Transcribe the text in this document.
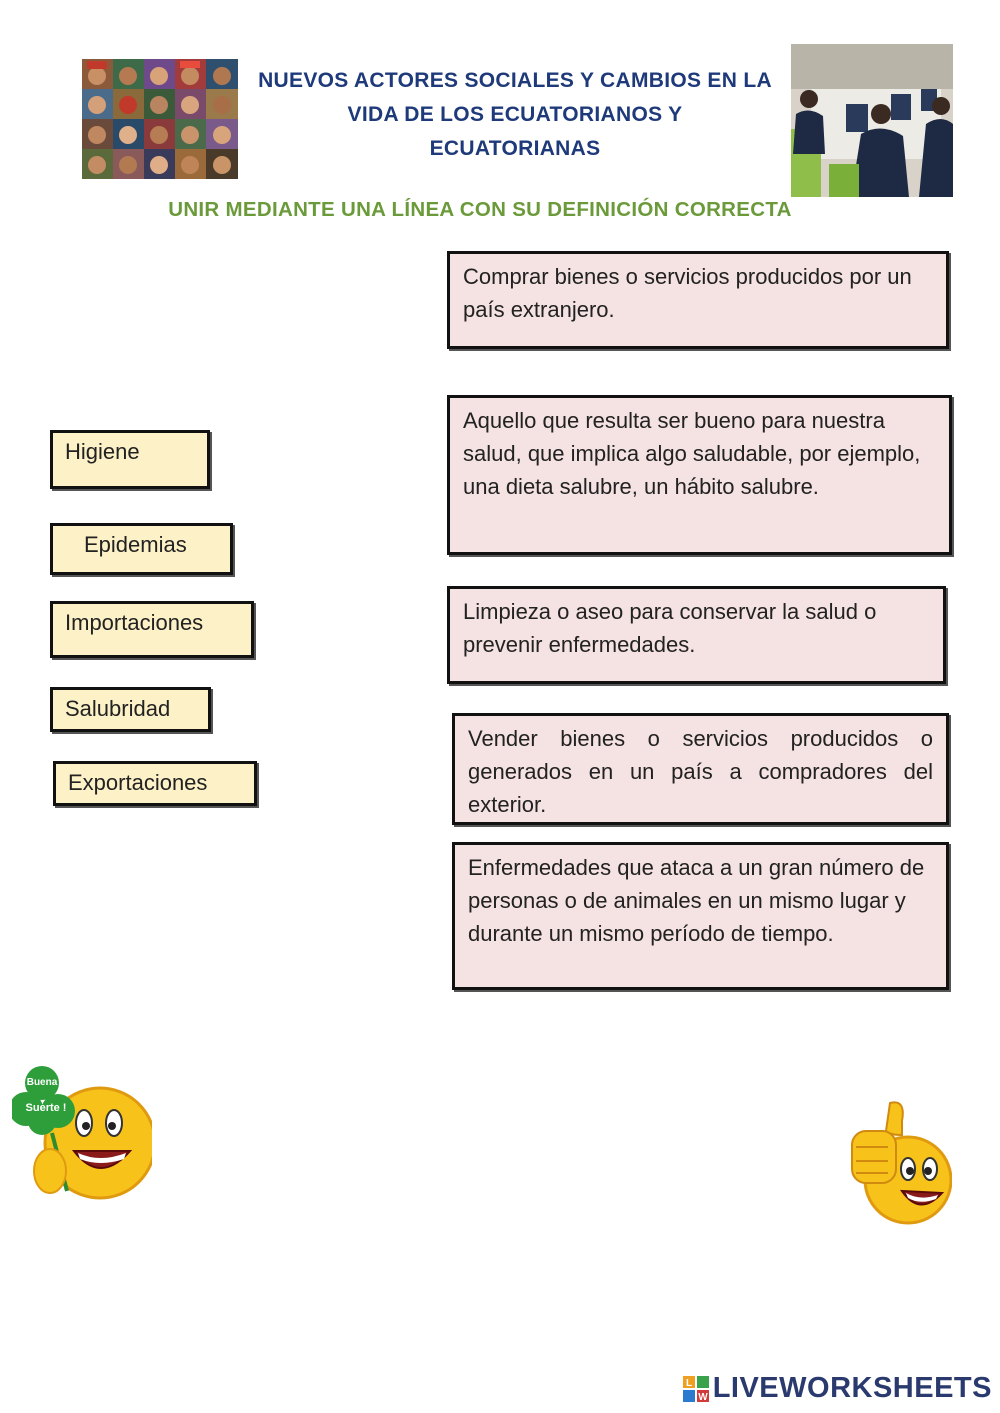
NUEVOS ACTORES SOCIALES Y CAMBIOS EN LA
VIDA DE LOS ECUATORIANOS Y
ECUATORIANAS
UNIR MEDIANTE UNA LÍNEA CON SU DEFINICIÓN CORRECTA
Higiene
Epidemias
Importaciones
Salubridad
Exportaciones
Comprar bienes o servicios producidos por un país extranjero.
Aquello que resulta ser bueno para nuestra salud, que implica algo saludable, por ejemplo, una dieta salubre, un hábito salubre.
Limpieza o aseo para conservar la salud o prevenir enfermedades.
Vender bienes o servicios producidos o generados en un país a compradores del exterior.
Enfermedades que ataca a un gran número de personas o de animales en un mismo lugar y durante un mismo período de tiempo.
Buena
Suerte !
L
W LIVEWORKSHEETS
